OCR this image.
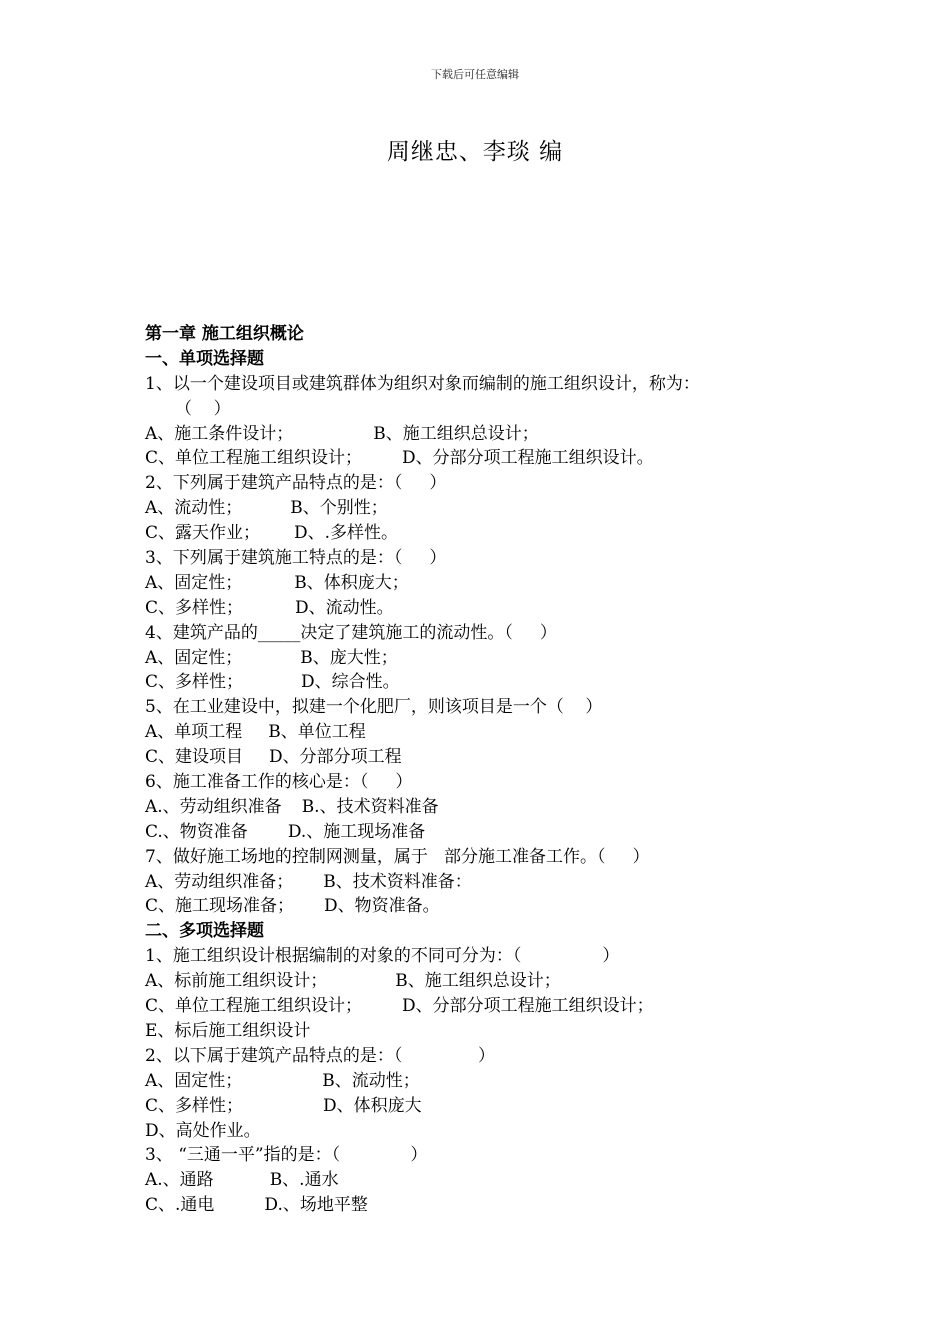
下载后可任意编辑
周继忠、李琰 编
第一章 施工组织概论
一、单项选择题
1、以一个建设项目或建筑群体为组织对象而编制的施工组织设计，称为：
（    ）
A、施工条件设计；	B、施工组织总设计；
C、单位工程施工组织设计； D、分部分项工程施工组织设计。
2、下列属于建筑产品特点的是：（     ）
A、流动性；	B、个别性；
C、露天作业； D、.多样性。
3、下列属于建筑施工特点的是：（     ）
A、固定性；	B、体积庞大；
C、多样性；	D、流动性。
4、建筑产品的_____决定了建筑施工的流动性。（     ）
A、固定性；	B、庞大性；
C、多样性；	D、综合性。
5、在工业建设中，拟建一个化肥厂，则该项目是一个（    ）
A、单项工程 B、单位工程
C、建设项目 D、分部分项工程
6、施工准备工作的核心是：（     ）
A.、劳动组织准备 B.、技术资料准备
C.、物资准备 D.、施工现场准备
7、做好施工场地的控制网测量，属于   部分施工准备工作。（     ）
A、劳动组织准备； B、技术资料准备：
C、施工现场准备； D、物资准备。
二、多项选择题
1、施工组织设计根据编制的对象的不同可分为：（               ）
A、标前施工组织设计；	B、施工组织总设计；
C、单位工程施工组织设计； D、分部分项工程施工组织设计；
E、标后施工组织设计
2、以下属于建筑产品特点的是：（              ）
A、固定性；	B、流动性；
C、多样性；	D、体积庞大
D、高处作业。
3、 “三通一平”指的是：（             ）
A.、通路	B、.通水
C、.通电	D.、场地平整
